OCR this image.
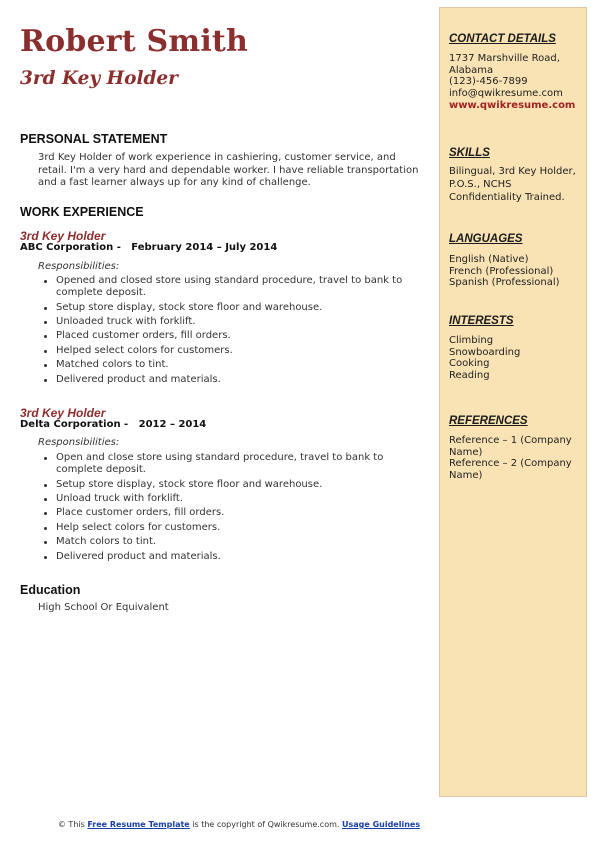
Robert Smith
3rd Key Holder
PERSONAL STATEMENT

3rd Key Holder of work experience in cashiering, customer service, and retail. I'm a very hard and dependable worker. I have reliable transportation and a fast learner always up for any kind of challenge.

WORK EXPERIENCE
3rd Key Holder
ABC Corporation -   February 2014 – July 2014
Responsibilities:
Opened and closed store using standard procedure, travel to bank to complete deposit.
Setup store display, stock store floor and warehouse.
Unloaded truck with forklift.
Placed customer orders, fill orders.
Helped select colors for customers.
Matched colors to tint.
Delivered product and materials.
3rd Key Holder
Delta Corporation -   2012 – 2014
Responsibilities:
Open and close store using standard procedure, travel to bank to complete deposit.
Setup store display, stock store floor and warehouse.
Unload truck with forklift.
Place customer orders, fill orders.
Help select colors for customers.
Match colors to tint.
Delivered product and materials.
Education

High School Or Equivalent

CONTACT DETAILS
1737 Marshville Road,
Alabama
(123)-456-7899
info@qwikresume.com
www.qwikresume.com
SKILLS

Bilingual, 3rd Key Holder, P.O.S., NCHS Confidentiality Trained.

LANGUAGES
English (Native)
French (Professional)
Spanish (Professional)
INTERESTS
Climbing
Snowboarding
Cooking
Reading
REFERENCES
Reference – 1 (Company Name)
Reference – 2 (Company Name)

© This Free Resume Template is the copyright of Qwikresume.com. Usage Guidelines
